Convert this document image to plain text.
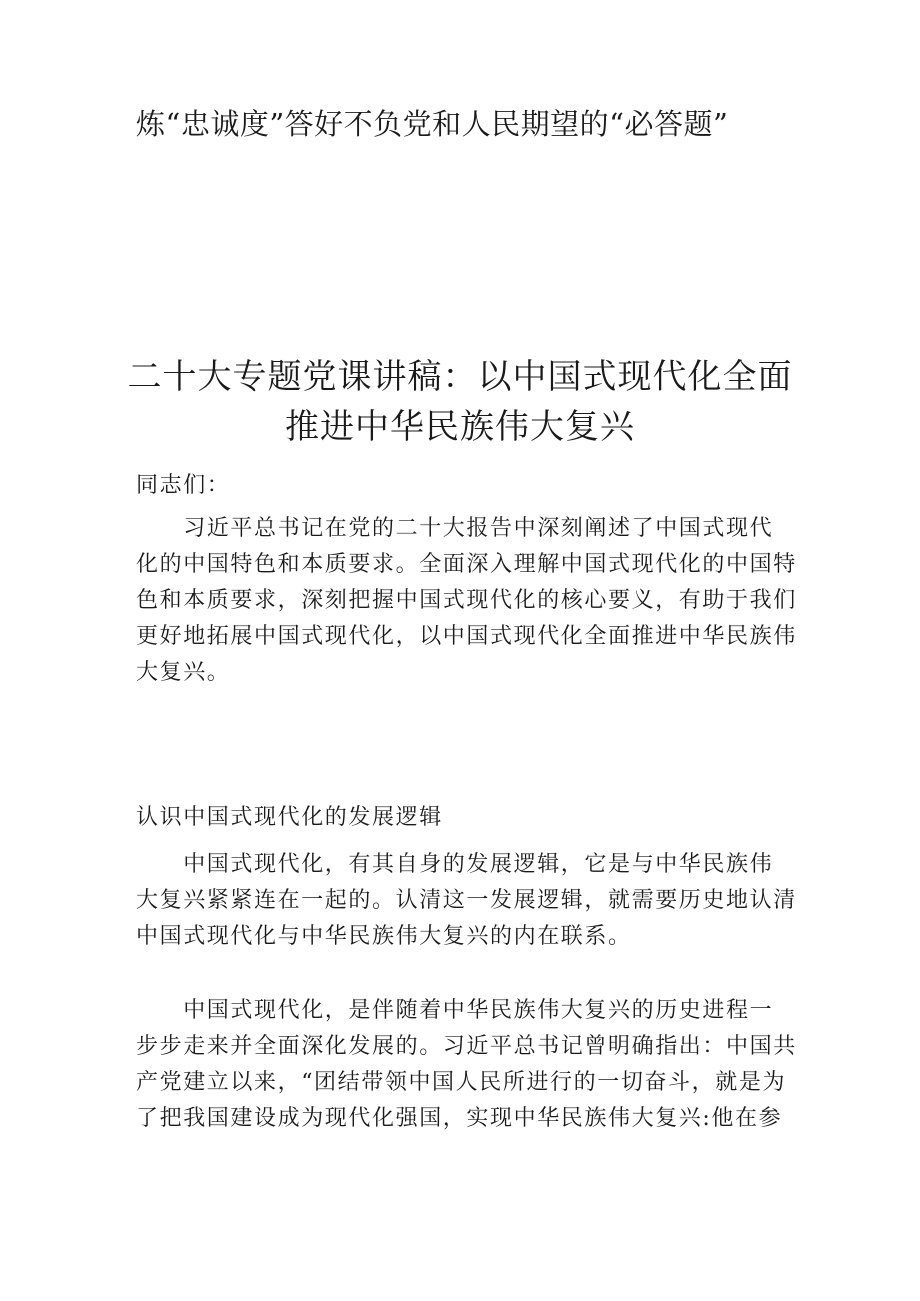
炼“忠诚度”答好不负党和人民期望的“必答题”
二十大专题党课讲稿：以中国式现代化全面
推进中华民族伟大复兴
同志们：
　　习近平总书记在党的二十大报告中深刻阐述了中国式现代
化的中国特色和本质要求。全面深入理解中国式现代化的中国特
色和本质要求，深刻把握中国式现代化的核心要义，有助于我们
更好地拓展中国式现代化，以中国式现代化全面推进中华民族伟
大复兴。
认识中国式现代化的发展逻辑
　　中国式现代化，有其自身的发展逻辑，它是与中华民族伟
大复兴紧紧连在一起的。认清这一发展逻辑，就需要历史地认清
中国式现代化与中华民族伟大复兴的内在联系。
　　中国式现代化，是伴随着中华民族伟大复兴的历史进程一
步步走来并全面深化发展的。习近平总书记曾明确指出：中国共
产党建立以来，“团结带领中国人民所进行的一切奋斗，就是为
了把我国建设成为现代化强国，实现中华民族伟大复兴:他在参
